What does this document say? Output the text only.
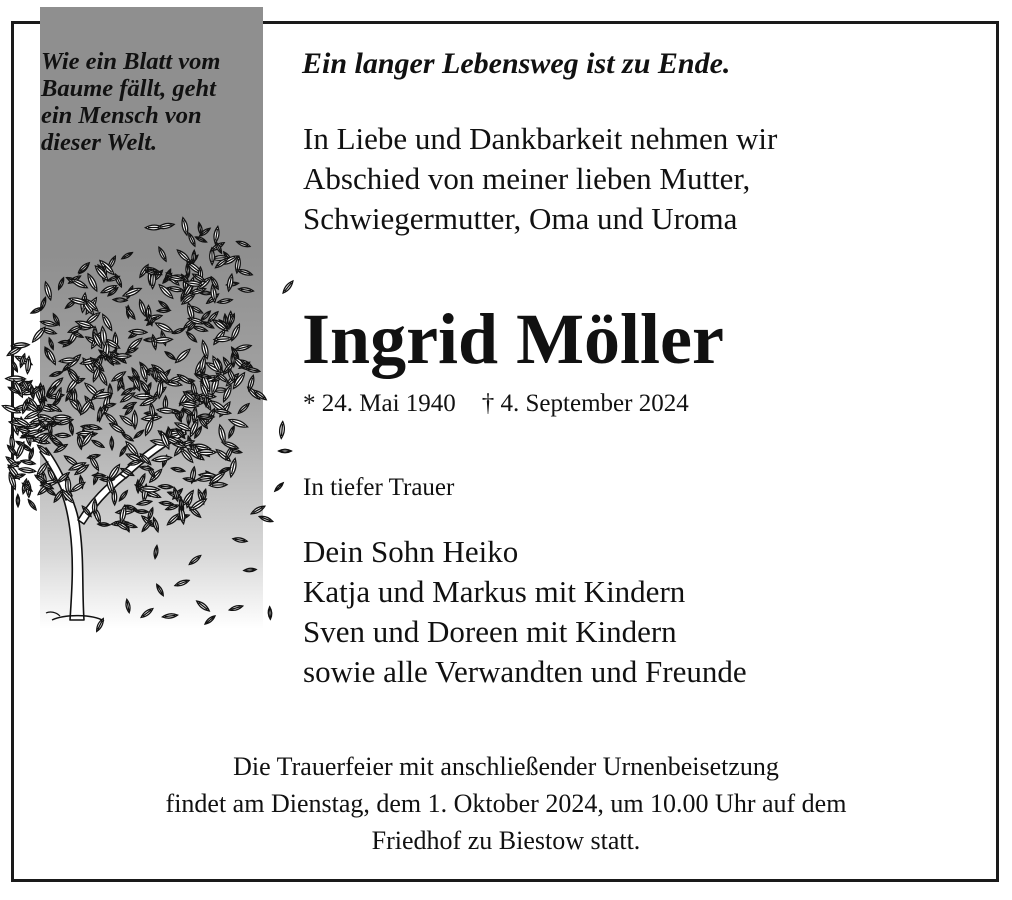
Wie ein Blatt vom
Baume fällt, geht
ein Mensch von
dieser Welt.

Ein langer Lebensweg ist zu Ende.

In Liebe und Dankbarkeit nehmen wir
Abschied von meiner lieben Mutter,
Schwiegermutter, Oma und Uroma

Ingrid Möller
* 24. Mai 1940 † 4. September 2024
In tiefer Trauer

Dein Sohn Heiko
Katja und Markus mit Kindern
Sven und Doreen mit Kindern
sowie alle Verwandten und Freunde

Die Trauerfeier mit anschließender Urnenbeisetzung
findet am Dienstag, dem 1. Oktober 2024, um 10.00 Uhr auf dem
Friedhof zu Biestow statt.
